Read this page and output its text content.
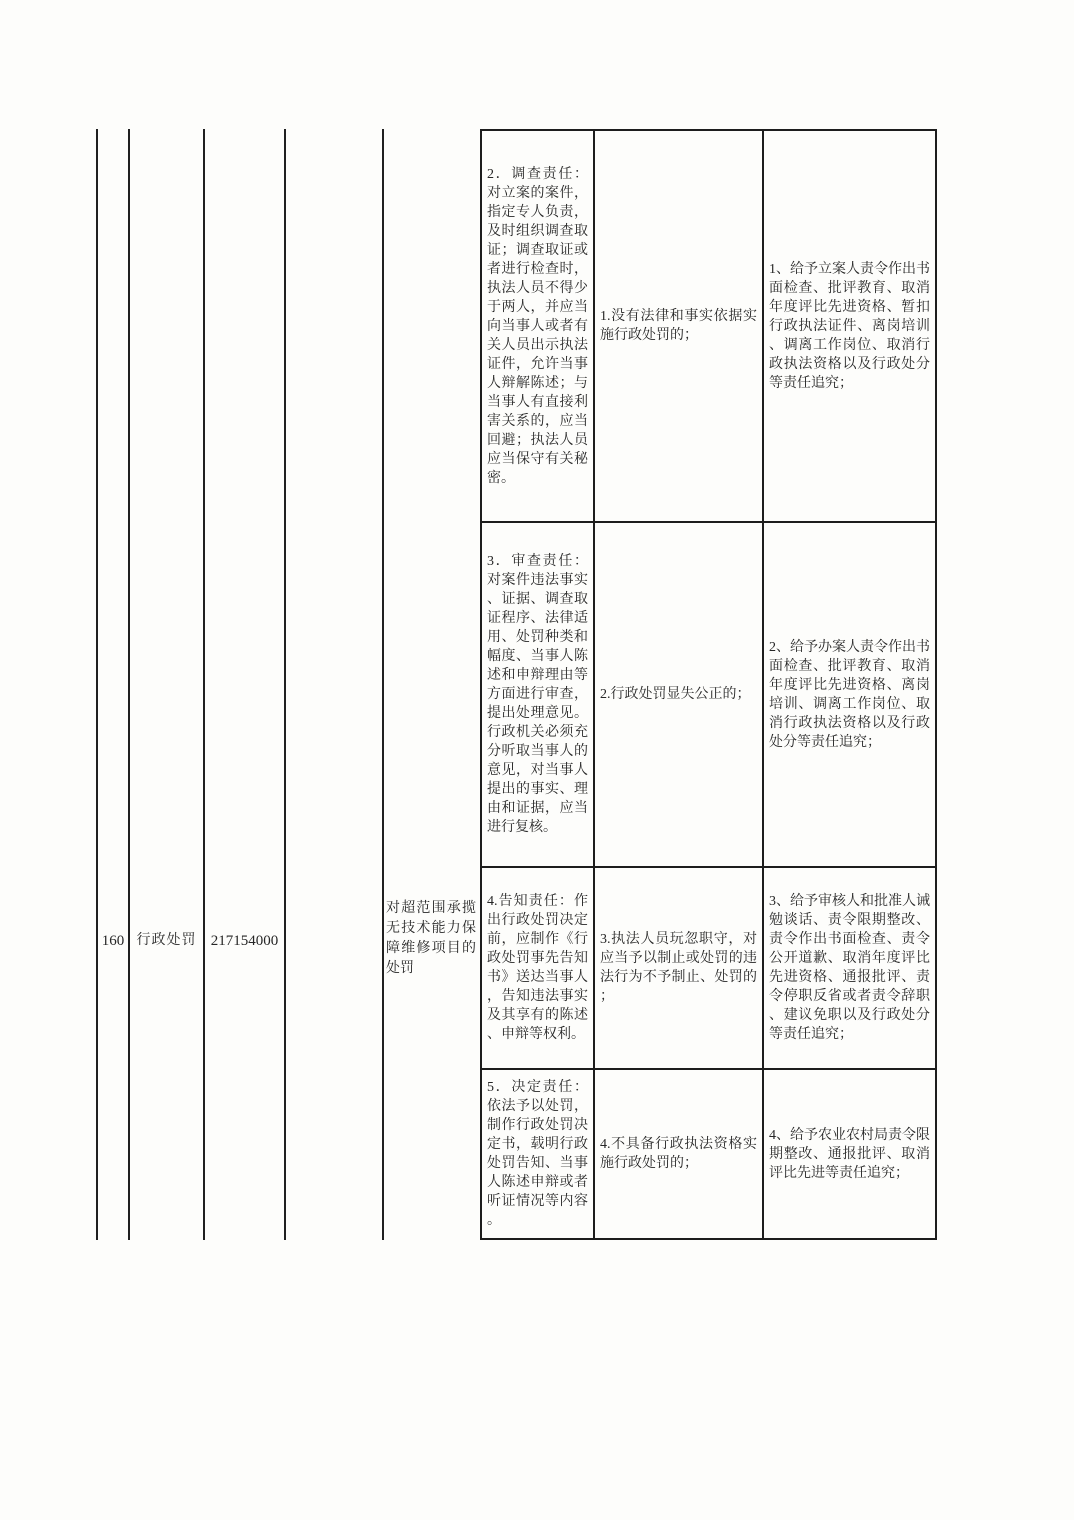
160 行政处罚 217154000
对超范围承揽无技术能力保障维修项目的处罚
2．调查责任：对立案的案件，指定专人负责，及时组织调查取证；调查取证或者进行检查时，执法人员不得少于两人，并应当向当事人或者有关人员出示执法证件，允许当事人辩解陈述；与当事人有直接利害关系的，应当回避；执法人员应当保守有关秘密。
1.没有法律和事实依据实施行政处罚的；
1、给予立案人责令作出书面检查、批评教育、取消年度评比先进资格、暂扣行政执法证件、离岗培训、调离工作岗位、取消行政执法资格以及行政处分等责任追究；
3．审查责任：对案件违法事实、证据、调查取证程序、法律适用、处罚种类和幅度、当事人陈述和申辩理由等方面进行审查，提出处理意见。行政机关必须充分听取当事人的意见，对当事人提出的事实、理由和证据，应当进行复核。
2.行政处罚显失公正的；
2、给予办案人责令作出书面检查、批评教育、取消年度评比先进资格、离岗培训、调离工作岗位、取消行政执法资格以及行政处分等责任追究；
4.告知责任：作出行政处罚决定前，应制作《行政处罚事先告知书》送达当事人，告知违法事实及其享有的陈述、申辩等权利。
3.执法人员玩忽职守，对应当予以制止或处罚的违法行为不予制止、处罚的；
3、给予审核人和批准人诫勉谈话、责令限期整改、责令作出书面检查、责令公开道歉、取消年度评比先进资格、通报批评、责令停职反省或者责令辞职、建议免职以及行政处分等责任追究；
5．决定责任：依法予以处罚，制作行政处罚决定书，载明行政处罚告知、当事人陈述申辩或者听证情况等内容。
4.不具备行政执法资格实施行政处罚的；
4、给予农业农村局责令限期整改、通报批评、取消评比先进等责任追究；
